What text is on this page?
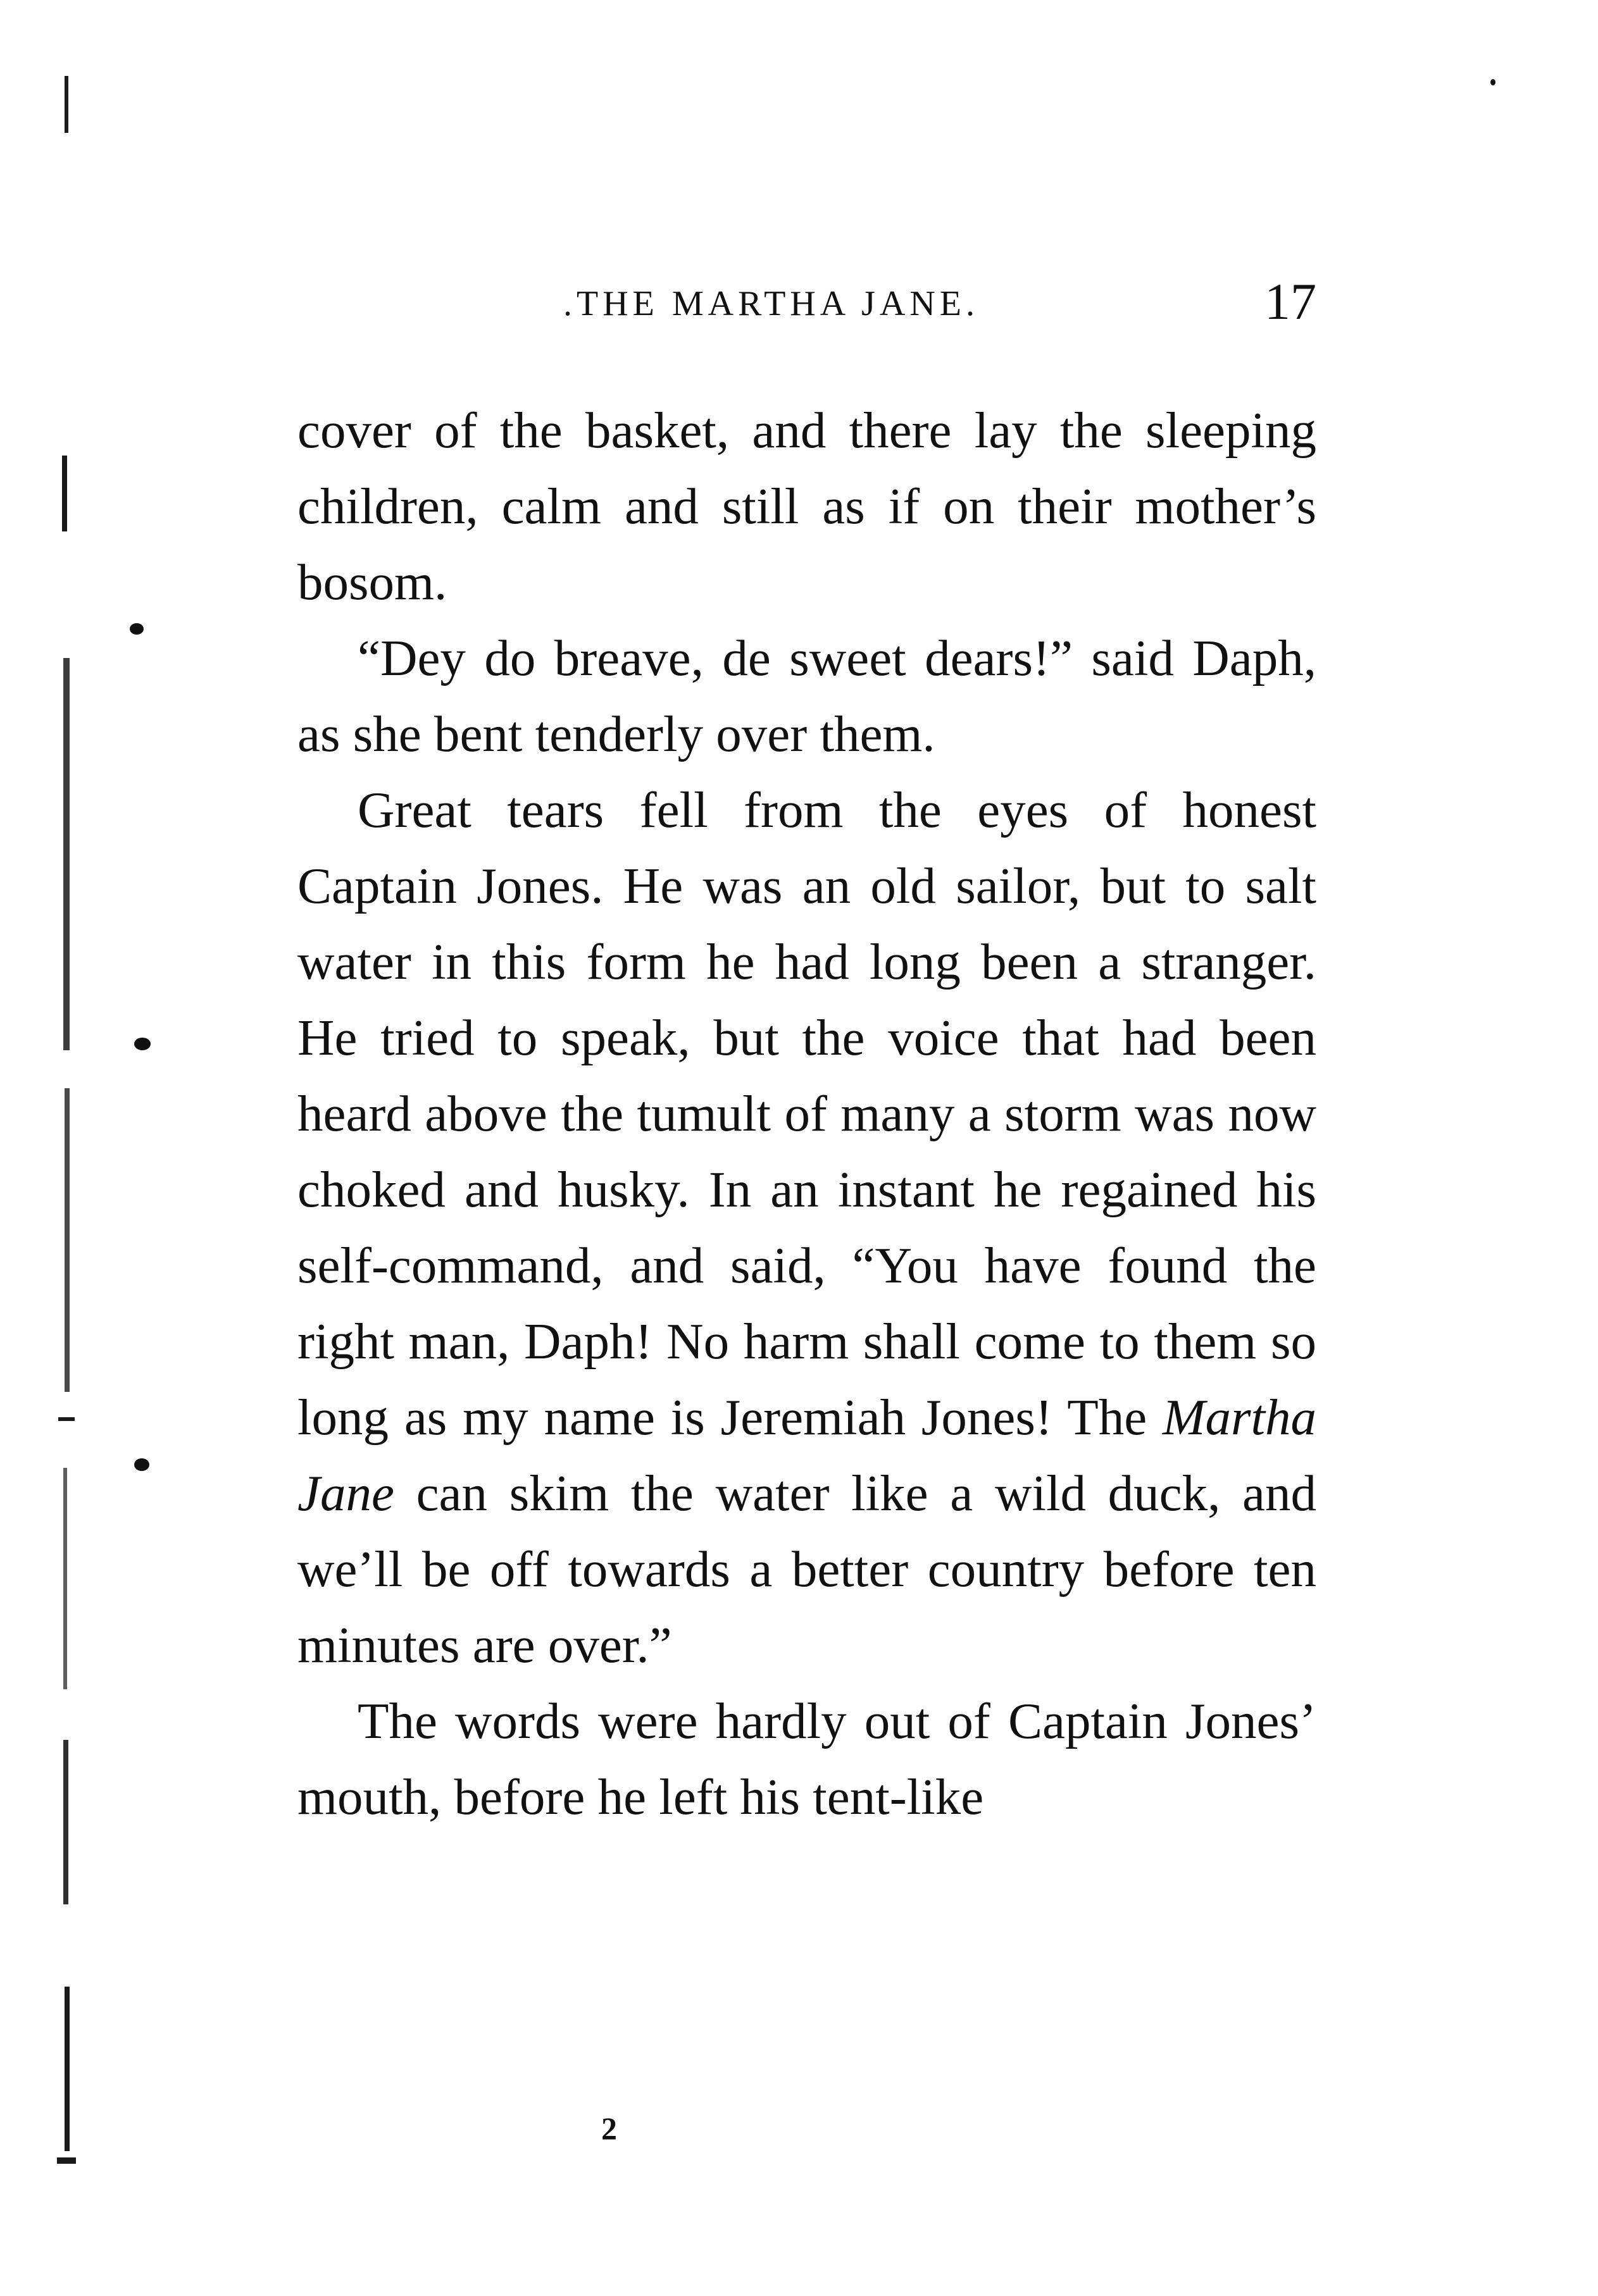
.THE MARTHA JANE.	17

cover of the basket, and there lay the sleeping children, calm and still as if on their mother’s bosom.

“Dey do breave, de sweet dears!” said Daph, as she bent tenderly over them.

Great tears fell from the eyes of honest Captain Jones. He was an old sailor, but to salt water in this form he had long been a stranger. He tried to speak, but the voice that had been heard above the tumult of many a storm was now choked and husky. In an instant he regained his self-command, and said, “You have found the right man, Daph! No harm shall come to them so long as my name is Jeremiah Jones! The Martha Jane can skim the water like a wild duck, and we’ll be off towards a better country before ten minutes are over.”

The words were hardly out of Captain Jones’ mouth, before he left his tent-like

2
